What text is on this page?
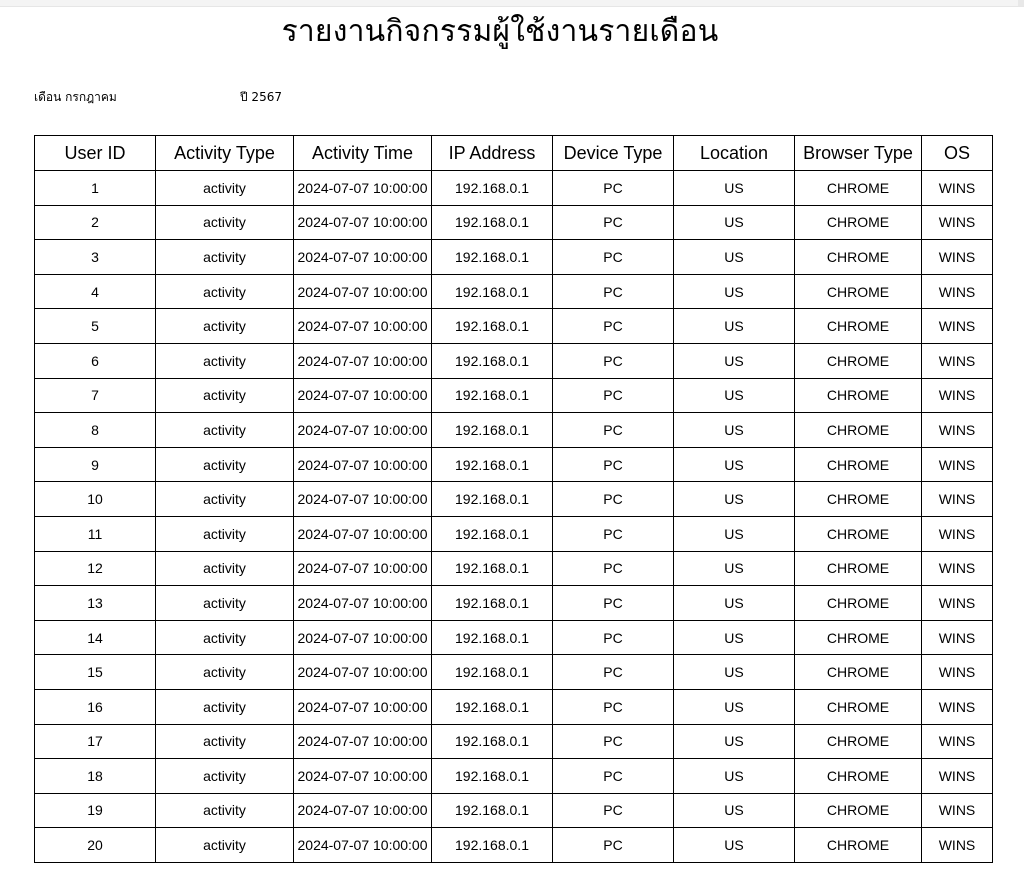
รายงานกิจกรรมผู้ใช้งานรายเดือน
เดือน กรกฎาคม	ปี 2567
User ID	Activity Type	Activity Time	IP Address	Device Type	Location	Browser Type	OS
1	activity	2024-07-07 10:00:00	192.168.0.1	PC	US	CHROME	WINS
2	activity	2024-07-07 10:00:00	192.168.0.1	PC	US	CHROME	WINS
3	activity	2024-07-07 10:00:00	192.168.0.1	PC	US	CHROME	WINS
4	activity	2024-07-07 10:00:00	192.168.0.1	PC	US	CHROME	WINS
5	activity	2024-07-07 10:00:00	192.168.0.1	PC	US	CHROME	WINS
6	activity	2024-07-07 10:00:00	192.168.0.1	PC	US	CHROME	WINS
7	activity	2024-07-07 10:00:00	192.168.0.1	PC	US	CHROME	WINS
8	activity	2024-07-07 10:00:00	192.168.0.1	PC	US	CHROME	WINS
9	activity	2024-07-07 10:00:00	192.168.0.1	PC	US	CHROME	WINS
10	activity	2024-07-07 10:00:00	192.168.0.1	PC	US	CHROME	WINS
11	activity	2024-07-07 10:00:00	192.168.0.1	PC	US	CHROME	WINS
12	activity	2024-07-07 10:00:00	192.168.0.1	PC	US	CHROME	WINS
13	activity	2024-07-07 10:00:00	192.168.0.1	PC	US	CHROME	WINS
14	activity	2024-07-07 10:00:00	192.168.0.1	PC	US	CHROME	WINS
15	activity	2024-07-07 10:00:00	192.168.0.1	PC	US	CHROME	WINS
16	activity	2024-07-07 10:00:00	192.168.0.1	PC	US	CHROME	WINS
17	activity	2024-07-07 10:00:00	192.168.0.1	PC	US	CHROME	WINS
18	activity	2024-07-07 10:00:00	192.168.0.1	PC	US	CHROME	WINS
19	activity	2024-07-07 10:00:00	192.168.0.1	PC	US	CHROME	WINS
20	activity	2024-07-07 10:00:00	192.168.0.1	PC	US	CHROME	WINS
